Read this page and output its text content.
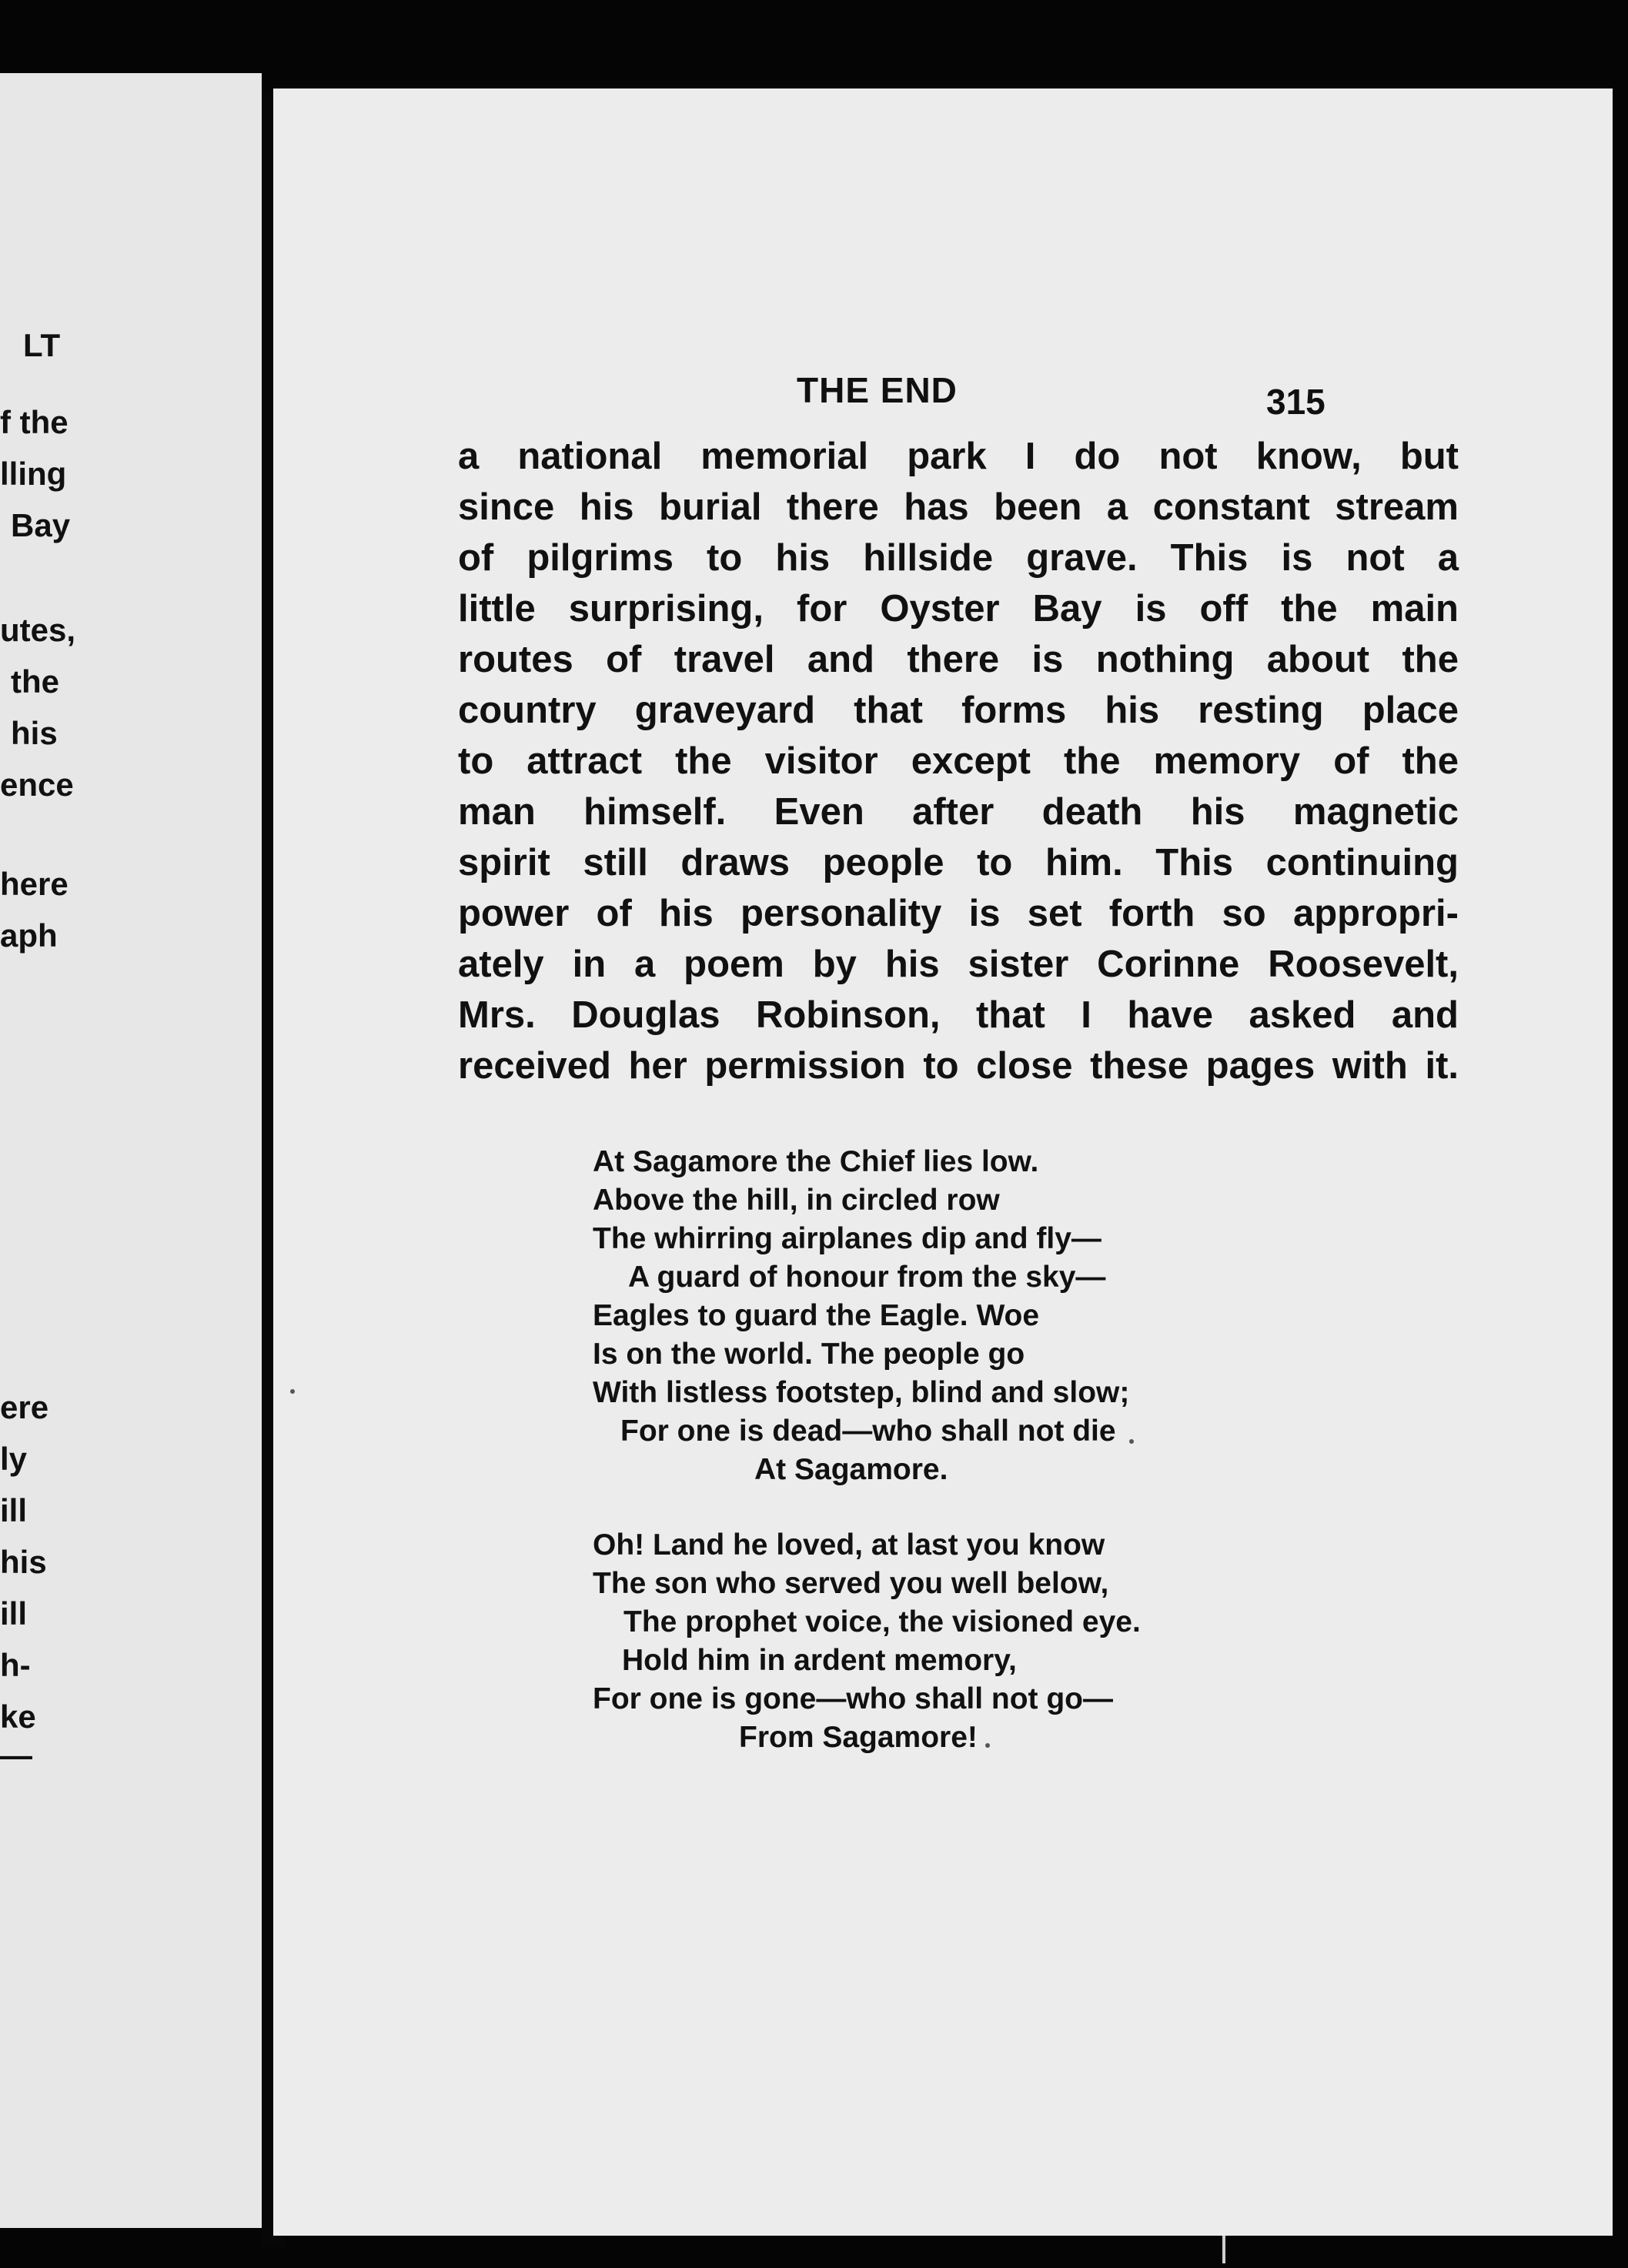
LT

f the

lling

Bay

utes,

the

his

ence

here

aph

ere

ly

ill

his

ill

h-

ke

—

THE END	315

a national memorial park I do not know, but
since his burial there has been a constant stream
of pilgrims to his hillside grave. This is not a
little surprising, for Oyster Bay is off the main
routes of travel and there is nothing about the
country graveyard that forms his resting place
to attract the visitor except the memory of the
man himself. Even after death his magnetic
spirit still draws people to him. This continuing
power of his personality is set forth so appropri-
ately in a poem by his sister Corinne Roosevelt,
Mrs. Douglas Robinson, that I have asked and
received her permission to close these pages with it.
At Sagamore the Chief lies low.
Above the hill, in circled row
The whirring airplanes dip and fly—
A guard of honour from the sky—
Eagles to guard the Eagle. Woe
Is on the world. The people go
With listless footstep, blind and slow;
For one is dead—who shall not die
At Sagamore.
Oh! Land he loved, at last you know
The son who served you well below,
The prophet voice, the visioned eye.
Hold him in ardent memory,
For one is gone—who shall not go—
From Sagamore!
